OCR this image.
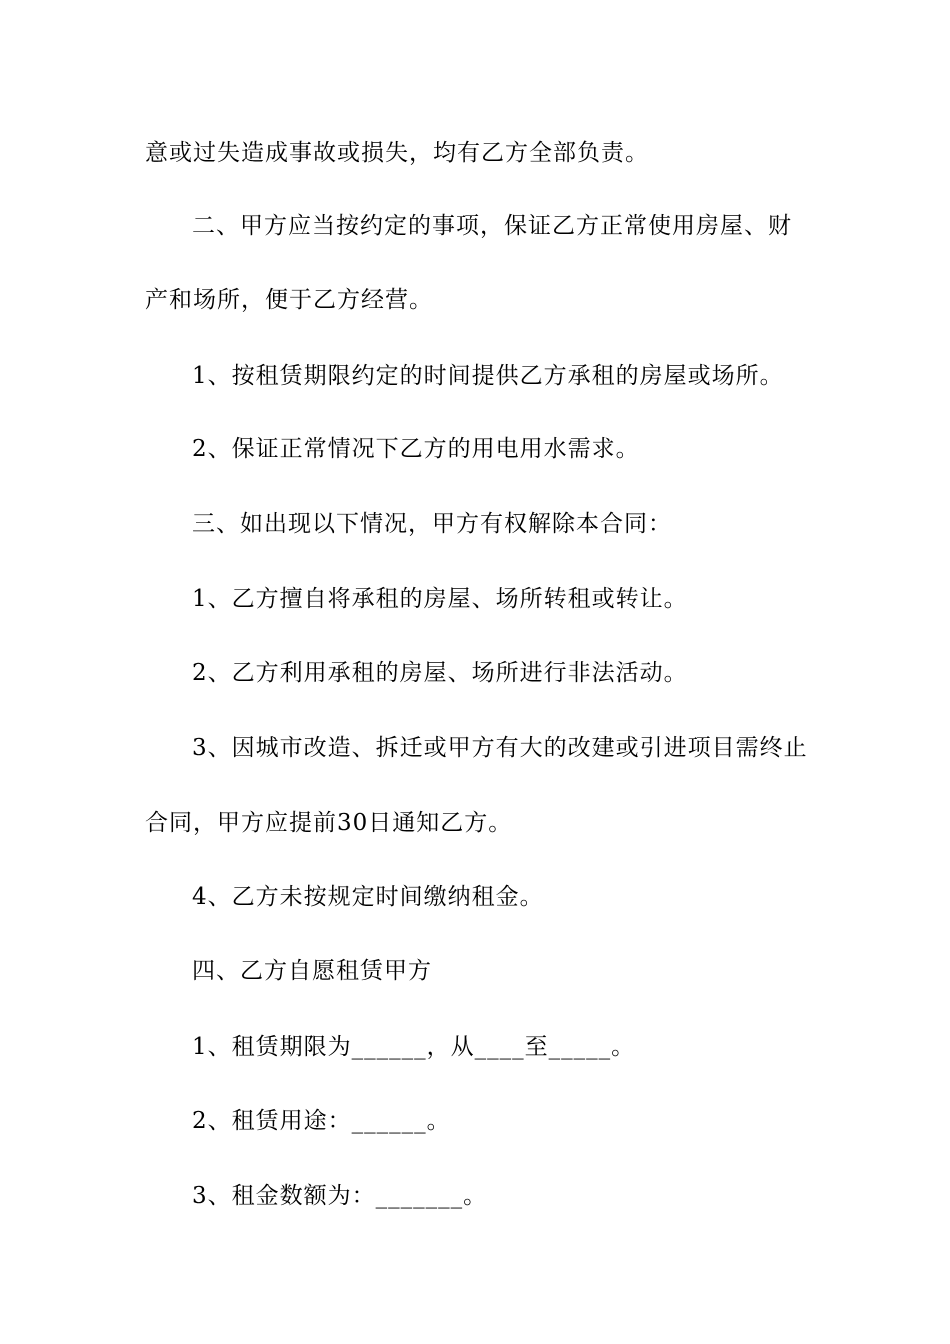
意或过失造成事故或损失，均有乙方全部负责。
二、甲方应当按约定的事项，保证乙方正常使用房屋、财
产和场所，便于乙方经营。
1、按租赁期限约定的时间提供乙方承租的房屋或场所。
2、保证正常情况下乙方的用电用水需求。
三、如出现以下情况，甲方有权解除本合同：
1、乙方擅自将承租的房屋、场所转租或转让。
2、乙方利用承租的房屋、场所进行非法活动。
3、因城市改造、拆迁或甲方有大的改建或引进项目需终止
合同，甲方应提前30日通知乙方。
4、乙方未按规定时间缴纳租金。
四、乙方自愿租赁甲方
1、租赁期限为______，从____至_____。
2、租赁用途：______。
3、租金数额为：_______。
